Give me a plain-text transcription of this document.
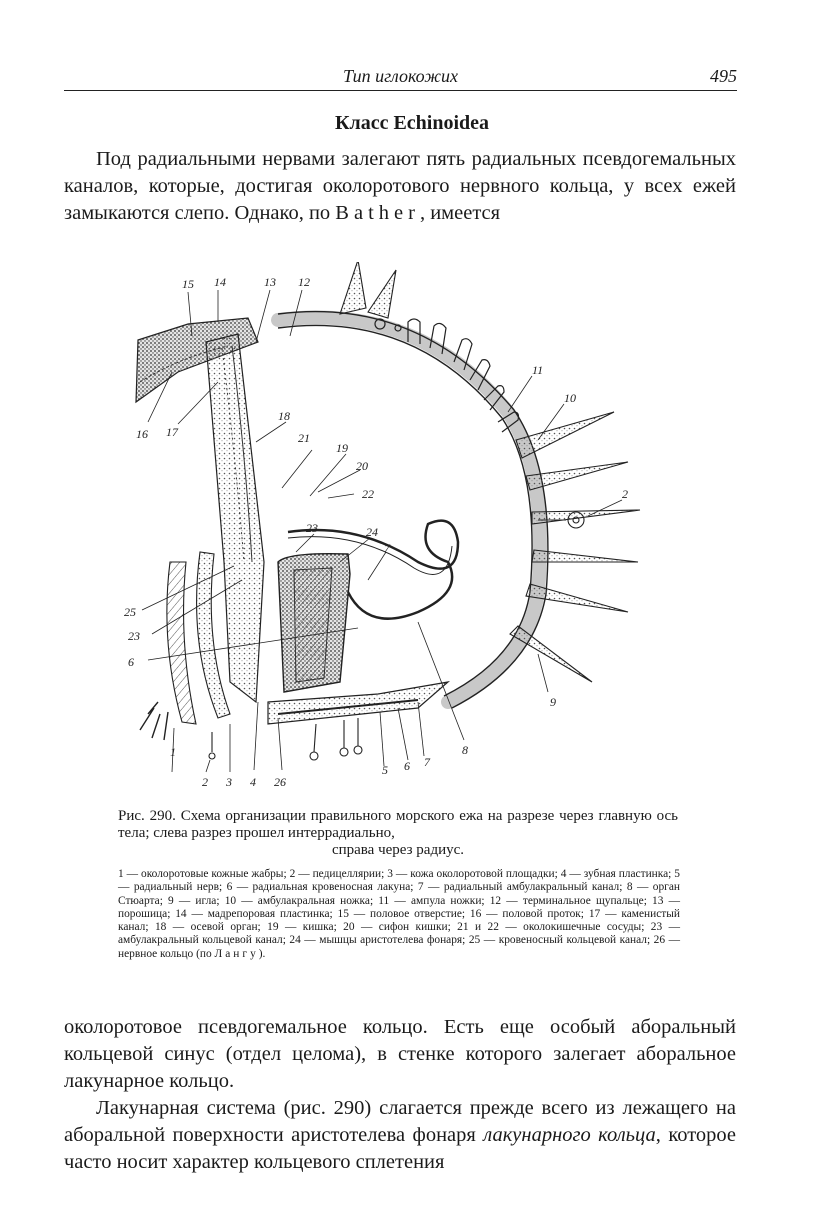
Тип иглокожих	495
Класс Echinoidea

Под радиальными нервами залегают пять радиальных псевдогемальных каналов, которые, достигая околоротового нервного кольца, у всех ежей замыкаются слепо. Однако, по Bather, имеется

1
2 3 4
5 6 7
8
9
10
11
12
13
14
15
16 17
18
19
20
21
22
23	24
25
26
2
6
7
23
Рис. 290. Схема организации правильного морского ежа на разрезе через главную ось тела; слева разрез прошел интеррадиально,
справа через радиус.
1 — околоротовые кожные жабры; 2 — педицеллярии; 3 — кожа околоротовой площадки; 4 — зубная пластинка; 5 — радиальный нерв; 6 — радиальная кровеносная лакуна; 7 — радиальный амбулакральный канал; 8 — орган Стюарта; 9 — игла; 10 — амбулакральная ножка; 11 — ампула ножки; 12 — терминальное щупальце; 13 — порошица; 14 — мадрепоровая пластинка; 15 — половое отверстие; 16 — половой проток; 17 — каменистый канал; 18 — осевой орган; 19 — кишка; 20 — сифон кишки; 21 и 22 — околокишечные сосуды; 23 — амбулакральный кольцевой канал; 24 — мышцы аристотелева фонаря; 25 — кровеносный кольцевой канал; 26 — нервное кольцо (по Лангу).

околоротовое псевдогемальное кольцо. Есть еще особый аборальный кольцевой синус (отдел целома), в стенке которого залегает аборальное лакунарное кольцо.

Лакунарная система (рис. 290) слагается прежде всего из лежащего на аборальной поверхности аристотелева фонаря лакунарного кольца, которое часто носит характер кольцевого сплетения
